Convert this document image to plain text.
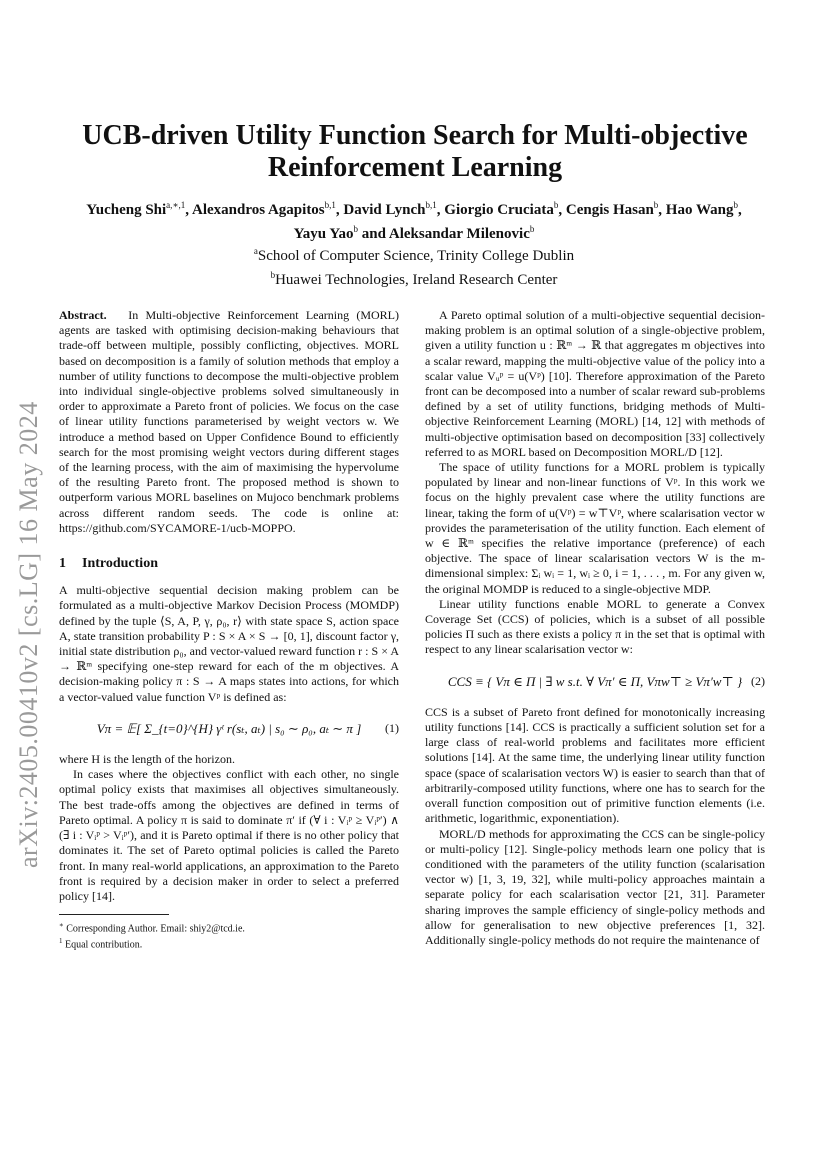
arXiv:2405.00410v2 [cs.LG] 16 May 2024
UCB-driven Utility Function Search for Multi-objective
Reinforcement Learning
Yucheng Shi$^{a,∗,1}$, Alexandros Agapitos$^{b,1}$, David Lynch$^{b,1}$, Giorgio Cruciata$^b$, Cengis Hasan$^b$, Hao Wang$^b$,
Yayu Yao$^b$ and Aleksandar Milenovic$^b$
$^a$School of Computer Science, Trinity College Dublin
$^b$Huawei Technologies, Ireland Research Center

Abstract. In Multi-objective Reinforcement Learning (MORL) agents are tasked with optimising decision-making behaviours that trade-off between multiple, possibly conflicting, objectives. MORL based on decomposition is a family of solution methods that employ a number of utility functions to decompose the multi-objective problem into individual single-objective problems solved simultaneously in order to approximate a Pareto front of policies. We focus on the case of linear utility functions parameterised by weight vectors w. We introduce a method based on Upper Confidence Bound to efficiently search for the most promising weight vectors during different stages of the learning process, with the aim of maximising the hypervolume of the resulting Pareto front. The proposed method is shown to outperform various MORL baselines on Mujoco benchmark problems across different random seeds. The code is online at: https://github.com/SYCAMORE-1/ucb-MOPPO.

1 Introduction

A multi-objective sequential decision making problem can be formulated as a multi-objective Markov Decision Process (MOMDP) defined by the tuple ⟨S, A, P, γ, ρ₀, r⟩ with state space S, action space A, state transition probability P : S × A × S → [0, 1], discount factor γ, initial state distribution ρ₀, and vector-valued reward function r : S × A → ℝᵐ specifying one-step reward for each of the m objectives. A decision-making policy π : S → A maps states into actions, for which a vector-valued value function Vᵖ is defined as:

Vπ = 𝔼[ Σ_{t=0}^{H} γᵗ r(sₜ, aₜ) | s₀ ∼ ρ₀, aₜ ∼ π ] (1)

where H is the length of the horizon.

In cases where the objectives conflict with each other, no single optimal policy exists that maximises all objectives simultaneously. The best trade-offs among the objectives are defined in terms of Pareto optimal. A policy π is said to dominate π′ if (∀ i : Vᵢᵖ ≥ Vᵢᵖ′) ∧ (∃ i : Vᵢᵖ > Vᵢᵖ′), and it is Pareto optimal if there is no other policy that dominates it. The set of Pareto optimal policies is called the Pareto front. In many real-world applications, an approximation to the Pareto front is required by a decision maker in order to select a preferred policy [14].

∗ Corresponding Author. Email: shiy2@tcd.ie.
$^1$ Equal contribution.

A Pareto optimal solution of a multi-objective sequential decision-making problem is an optimal solution of a single-objective problem, given a utility function u : ℝᵐ → ℝ that aggregates m objectives into a scalar reward, mapping the multi-objective value of the policy into a scalar value Vᵤᵖ = u(Vᵖ) [10]. Therefore approximation of the Pareto front can be decomposed into a number of scalar reward sub-problems defined by a set of utility functions, bridging methods of Multi-objective Reinforcement Learning (MORL) [14, 12] with methods of multi-objective optimisation based on decomposition [33] collectively referred to as MORL based on Decomposition MORL/D [12].

The space of utility functions for a MORL problem is typically populated by linear and non-linear functions of Vᵖ. In this work we focus on the highly prevalent case where the utility functions are linear, taking the form of u(Vᵖ) = w⊤Vᵖ, where scalarisation vector w provides the parameterisation of the utility function. Each element of w ∈ ℝᵐ specifies the relative importance (preference) of each objective. The space of linear scalarisation vectors W is the m-dimensional simplex: Σᵢ wᵢ = 1, wᵢ ≥ 0, i = 1, . . . , m. For any given w, the original MOMDP is reduced to a single-objective MDP.

Linear utility functions enable MORL to generate a Convex Coverage Set (CCS) of policies, which is a subset of all possible policies Π such as there exists a policy π in the set that is optimal with respect to any linear scalarisation vector w:

CCS ≡ { Vπ ∈ Π | ∃ w s.t. ∀ Vπ′ ∈ Π, Vπw⊤ ≥ Vπ′w⊤ } (2)

CCS is a subset of Pareto front defined for monotonically increasing utility functions [14]. CCS is practically a sufficient solution set for a large class of real-world problems and facilitates more efficient solutions [14]. At the same time, the underlying linear utility function space (space of scalarisation vectors W) is easier to search than that of arbitrarily-composed utility functions, where one has to search for the overall function composition out of primitive function elements (i.e. arithmetic, logarithmic, exponentiation).

MORL/D methods for approximating the CCS can be single-policy or multi-policy [12]. Single-policy methods learn one policy that is conditioned with the parameters of the utility function (scalarisation vector w) [1, 3, 19, 32], while multi-policy approaches maintain a separate policy for each scalarisation vector [21, 31]. Parameter sharing improves the sample efficiency of single-policy methods and allow for generalisation to new objective preferences [1, 32]. Additionally single-policy methods do not require the maintenance of
